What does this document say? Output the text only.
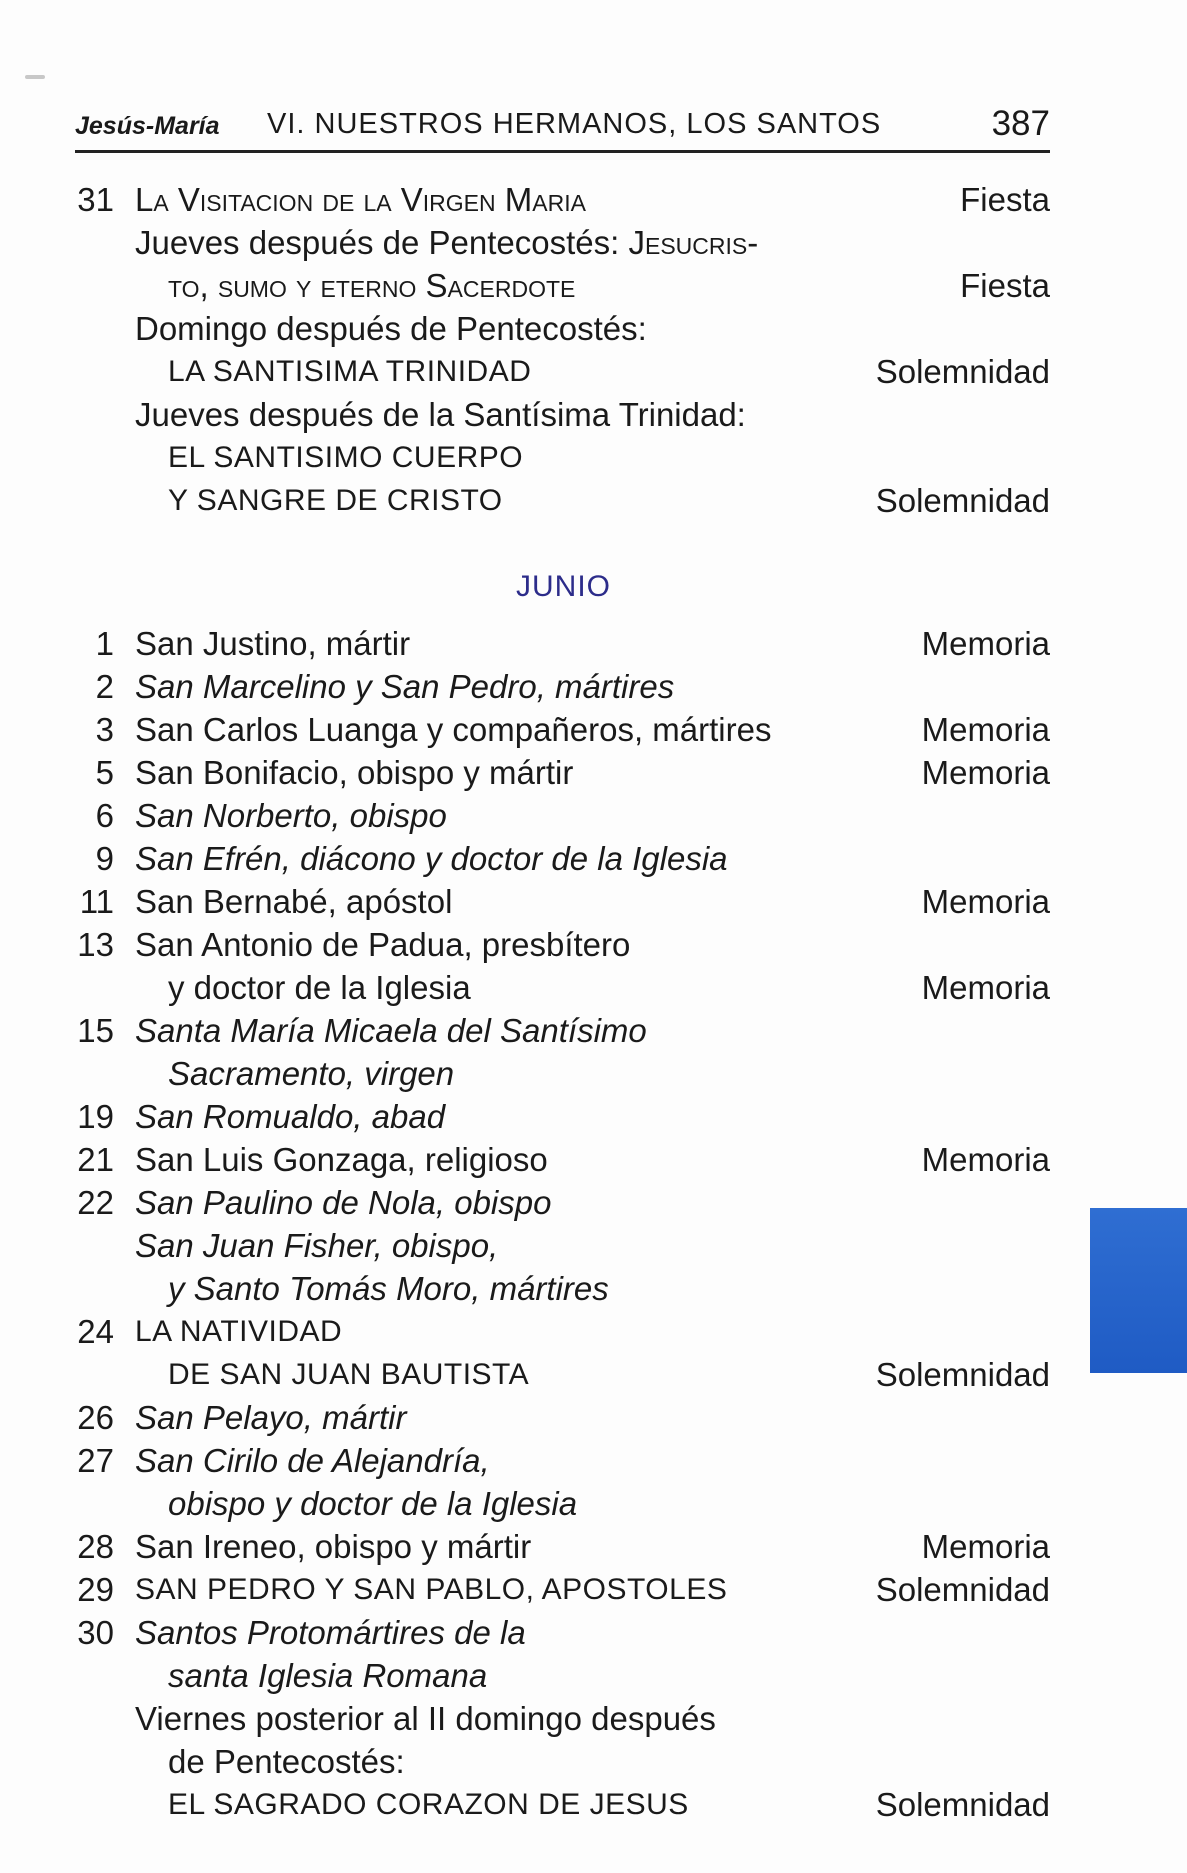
Jesús-María VI. NUESTROS HERMANOS, LOS SANTOS	387
31 La Visitacion de la Virgen Maria	Fiesta
Jueves después de Pentecostés: Jesucris-
to, sumo y eterno Sacerdote	Fiesta
Domingo después de Pentecostés:
LA SANTISIMA TRINIDAD	Solemnidad
Jueves después de la Santísima Trinidad:
EL SANTISIMO CUERPO
Y SANGRE DE CRISTO	Solemnidad
JUNIO
1 San Justino, mártir	Memoria
2 San Marcelino y San Pedro, mártires
3 San Carlos Luanga y compañeros, mártires	Memoria
5 San Bonifacio, obispo y mártir	Memoria
6 San Norberto, obispo
9 San Efrén, diácono y doctor de la Iglesia
11 San Bernabé, apóstol	Memoria
13 San Antonio de Padua, presbítero
y doctor de la Iglesia	Memoria
15 Santa María Micaela del Santísimo
Sacramento, virgen
19 San Romualdo, abad
21 San Luis Gonzaga, religioso	Memoria
22 San Paulino de Nola, obispo
San Juan Fisher, obispo,
y Santo Tomás Moro, mártires
24 LA NATIVIDAD
DE SAN JUAN BAUTISTA	Solemnidad
26 San Pelayo, mártir
27 San Cirilo de Alejandría,
obispo y doctor de la Iglesia
28 San Ireneo, obispo y mártir	Memoria
29 SAN PEDRO Y SAN PABLO, APOSTOLES	Solemnidad
30 Santos Protomártires de la
santa Iglesia Romana
Viernes posterior al II domingo después
de Pentecostés:
EL SAGRADO CORAZON DE JESUS	Solemnidad
